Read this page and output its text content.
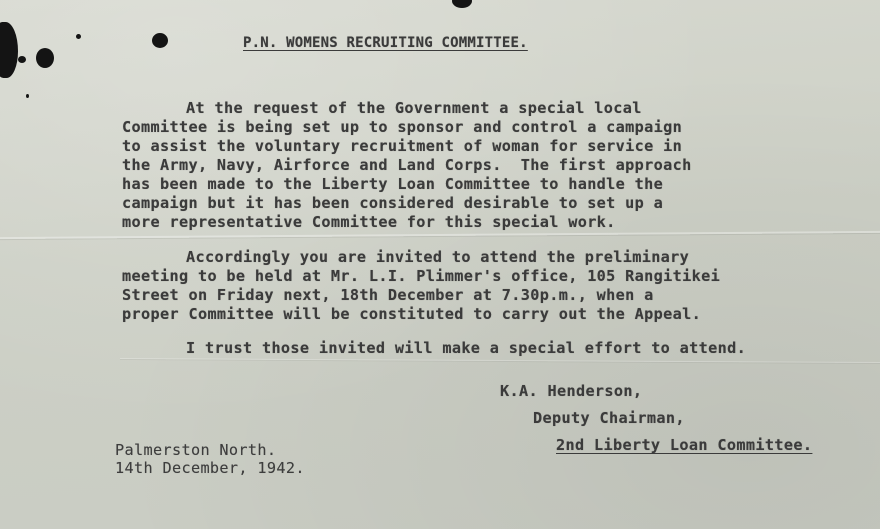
P.N. WOMENS RECRUITING COMMITTEE.
At the request of the Government a special local
Committee is being set up to sponsor and control a campaign
to assist the voluntary recruitment of woman for service in
the Army, Navy, Airforce and Land Corps.  The first approach
has been made to the Liberty Loan Committee to handle the
campaign but it has been considered desirable to set up a
more representative Committee for this special work.
Accordingly you are invited to attend the preliminary
meeting to be held at Mr. L.I. Plimmer's office, 105 Rangitikei
Street on Friday next, 18th December at 7.30p.m., when a
proper Committee will be constituted to carry out the Appeal.
I trust those invited will make a special effort to attend.
K.A. Henderson,
Deputy Chairman,
2nd Liberty Loan Committee.
Palmerston North.
14th December, 1942.
